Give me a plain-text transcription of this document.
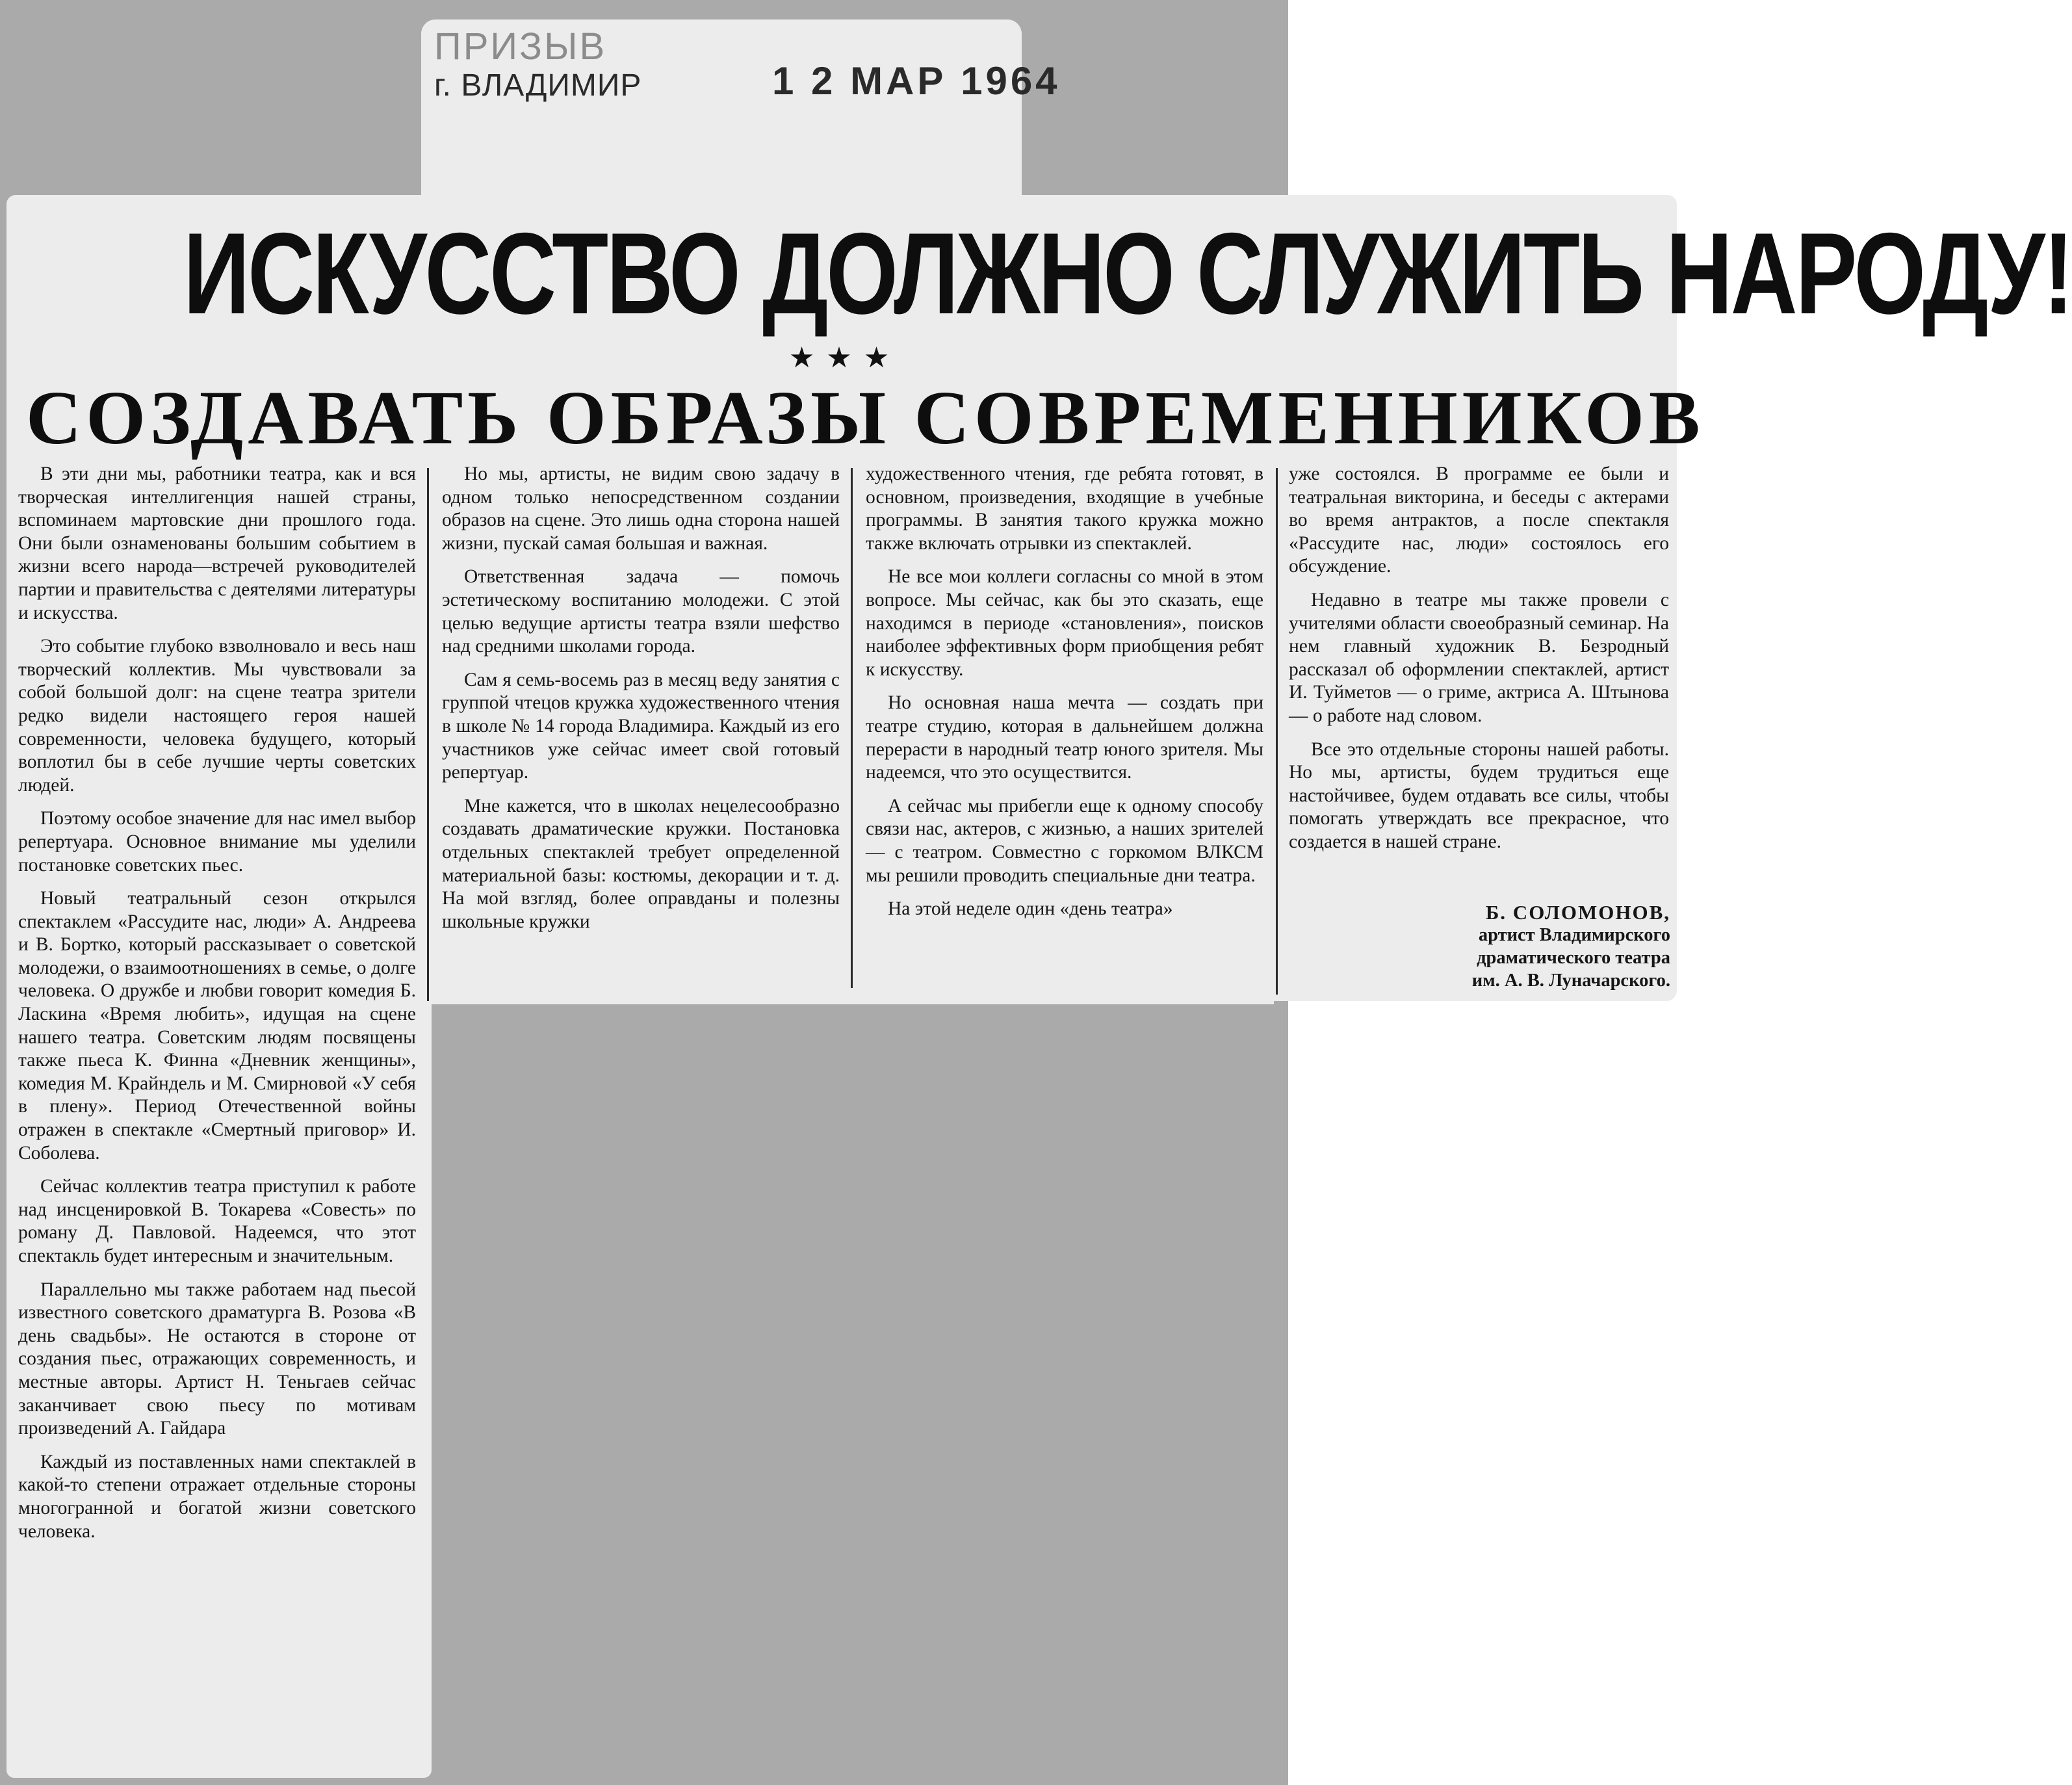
ПРИЗЫВ
г. ВЛАДИМИР	1 2 МАР 1964
ИСКУССТВО ДОЛЖНО СЛУЖИТЬ НАРОДУ!
★★★
СОЗДАВАТЬ ОБРАЗЫ СОВРЕМЕННИКОВ

В эти дни мы, работники театра, как и вся творческая интеллигенция нашей страны, вспоминаем мартовские дни прошлого года. Они были ознаменованы большим событием в жизни всего народа—встречей руководителей партии и правительства с деятелями литературы и искусства.

Это событие глубоко взволновало и весь наш творческий коллектив. Мы чувствовали за собой большой долг: на сцене театра зрители редко видели настоящего героя нашей современности, человека будущего, который воплотил бы в себе лучшие черты советских людей.

Поэтому особое значение для нас имел выбор репертуара. Основное внимание мы уделили постановке советских пьес.

Новый театральный сезон открылся спектаклем «Рассудите нас, люди» А. Андреева и В. Бортко, который рассказывает о советской молодежи, о взаимоотношениях в семье, о долге человека. О дружбе и любви говорит комедия Б. Ласкина «Время любить», идущая на сцене нашего театра. Советским людям посвящены также пьеса К. Финна «Дневник женщины», комедия М. Крайндель и М. Смирновой «У себя в плену». Период Отечественной войны отражен в спектакле «Смертный приговор» И. Соболева.

Сейчас коллектив театра приступил к работе над инсценировкой В. Токарева «Совесть» по роману Д. Павловой. Надеемся, что этот спектакль будет интересным и значительным.

Параллельно мы также работаем над пьесой известного советского драматурга В. Розова «В день свадьбы». Не остаются в стороне от создания пьес, отражающих современность, и местные авторы. Артист Н. Теньгаев сейчас заканчивает свою пьесу по мотивам произведений А. Гайдара

Каждый из поставленных нами спектаклей в какой-то степени отражает отдельные стороны многогранной и богатой жизни советского человека.

Но мы, артисты, не видим свою задачу в одном только непосредственном создании образов на сцене. Это лишь одна сторона нашей жизни, пускай самая большая и важная.

Ответственная задача — помочь эстетическому воспитанию молодежи. С этой целью ведущие артисты театра взяли шефство над средними школами города.

Сам я семь-восемь раз в месяц веду занятия с группой чтецов кружка художественного чтения в школе № 14 города Владимира. Каждый из его участников уже сейчас имеет свой готовый репертуар.

Мне кажется, что в школах нецелесообразно создавать драматические кружки. Постановка отдельных спектаклей требует определенной материальной базы: костюмы, декорации и т. д. На мой взгляд, более оправданы и полезны школьные кружки

художественного чтения, где ребята готовят, в основном, произведения, входящие в учебные программы. В занятия такого кружка можно также включать отрывки из спектаклей.

Не все мои коллеги согласны со мной в этом вопросе. Мы сейчас, как бы это сказать, еще находимся в периоде «становления», поисков наиболее эффективных форм приобщения ребят к искусству.

Но основная наша мечта — создать при театре студию, которая в дальнейшем должна перерасти в народный театр юного зрителя. Мы надеемся, что это осуществится.

А сейчас мы прибегли еще к одному способу связи нас, актеров, с жизнью, а наших зрителей — с театром. Совместно с горкомом ВЛКСМ мы решили проводить специальные дни театра.

На этой неделе один «день театра»

уже состоялся. В программе ее были и театральная викторина, и беседы с актерами во время антрактов, а после спектакля «Рассудите нас, люди» состоялось его обсуждение.

Недавно в театре мы также провели с учителями области своеобразный семинар. На нем главный художник В. Безродный рассказал об оформлении спектаклей, артист И. Туйметов — о гриме, актриса А. Штынова — о работе над словом.

Все это отдельные стороны нашей работы. Но мы, артисты, будем трудиться еще настойчивее, будем отдавать все силы, чтобы помогать утверждать все прекрасное, что создается в нашей стране.

Б. СОЛОМОНОВ,
артист Владимирского
драматического театра
им. А. В. Луначарского.
